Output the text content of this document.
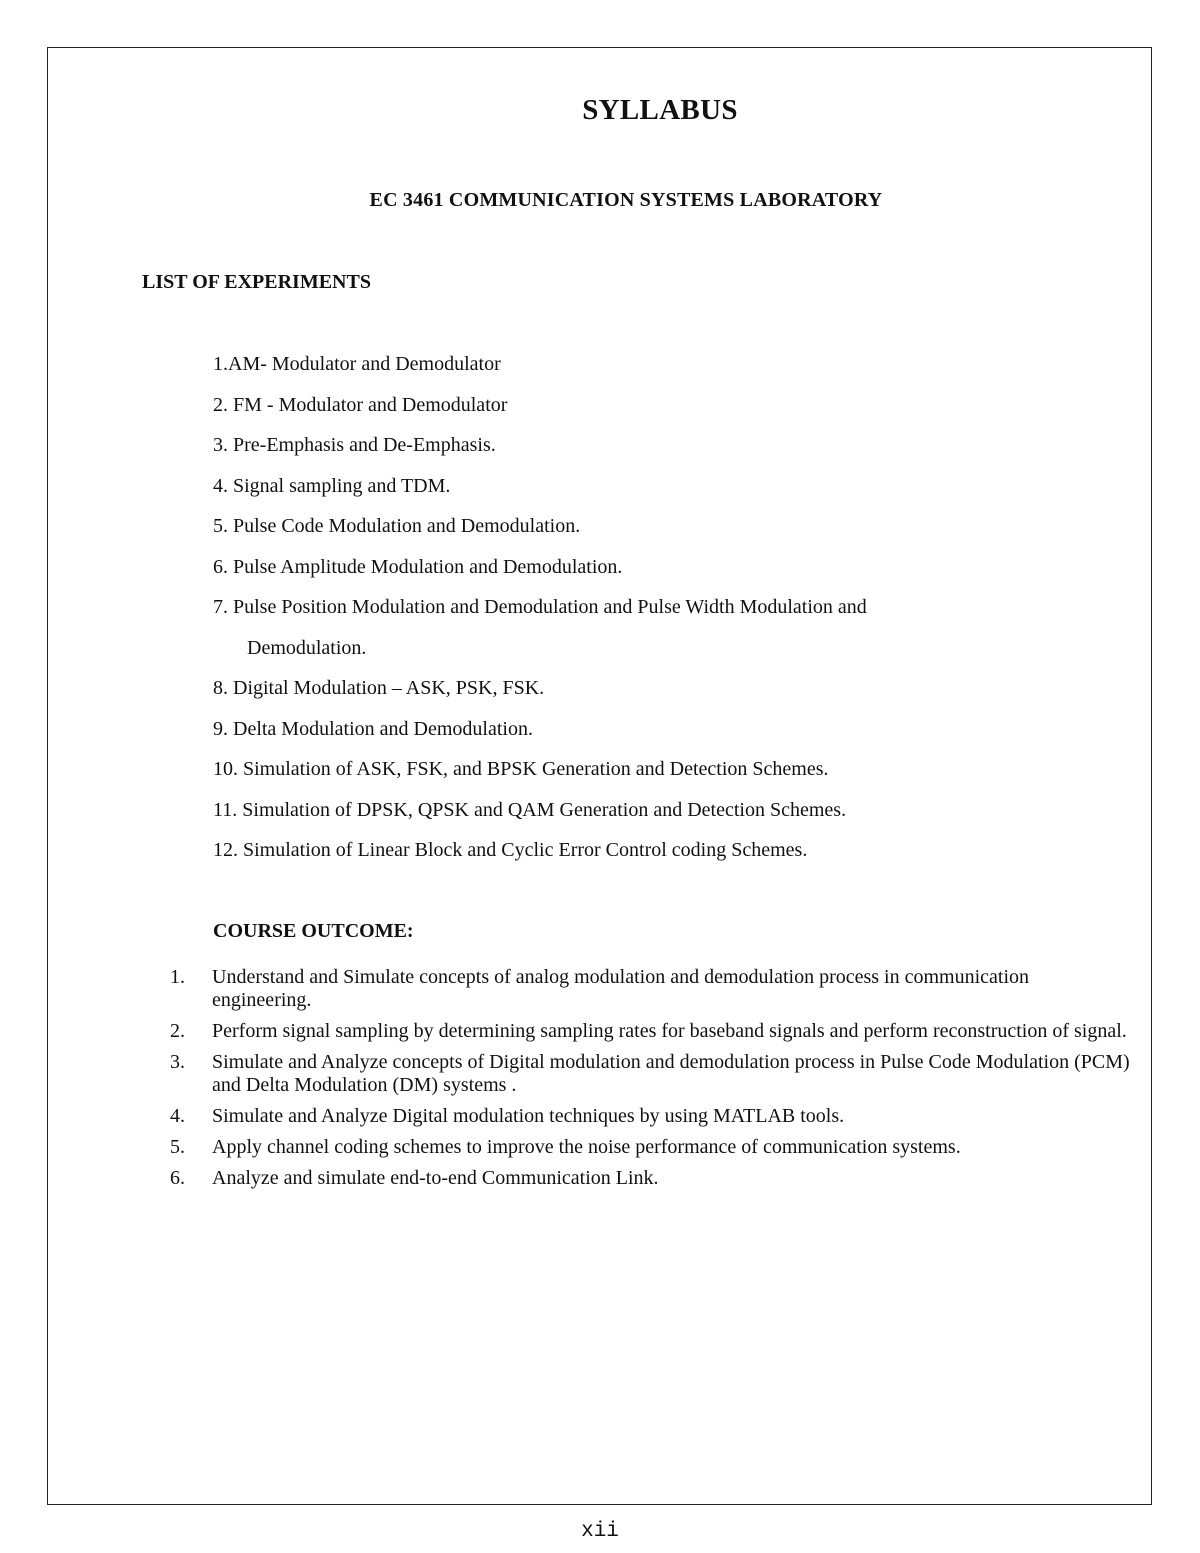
SYLLABUS
EC 3461 COMMUNICATION SYSTEMS LABORATORY
LIST OF EXPERIMENTS
1.AM- Modulator and Demodulator
2. FM - Modulator and Demodulator
3. Pre-Emphasis and De-Emphasis.
4. Signal sampling and TDM.
5. Pulse Code Modulation and Demodulation.
6. Pulse Amplitude Modulation and Demodulation.
7. Pulse Position Modulation and Demodulation and Pulse Width Modulation and
Demodulation.
8. Digital Modulation – ASK, PSK, FSK.
9. Delta Modulation and Demodulation.
10. Simulation of ASK, FSK, and BPSK Generation and Detection Schemes.
11. Simulation of DPSK, QPSK and QAM Generation and Detection Schemes.
12. Simulation of Linear Block and Cyclic Error Control coding Schemes.
COURSE OUTCOME:
1.	Understand and Simulate concepts of analog modulation and demodulation process in communication engineering.
2.	Perform signal sampling by determining sampling rates for baseband signals and perform reconstruction of signal.
3.	Simulate and Analyze concepts of Digital modulation and demodulation process in Pulse Code Modulation (PCM) and Delta Modulation (DM) systems .
4.	Simulate and Analyze Digital modulation techniques by using MATLAB tools.
5.	Apply channel coding schemes to improve the noise performance of communication systems.
6.	Analyze and simulate end-to-end Communication Link.
xii
